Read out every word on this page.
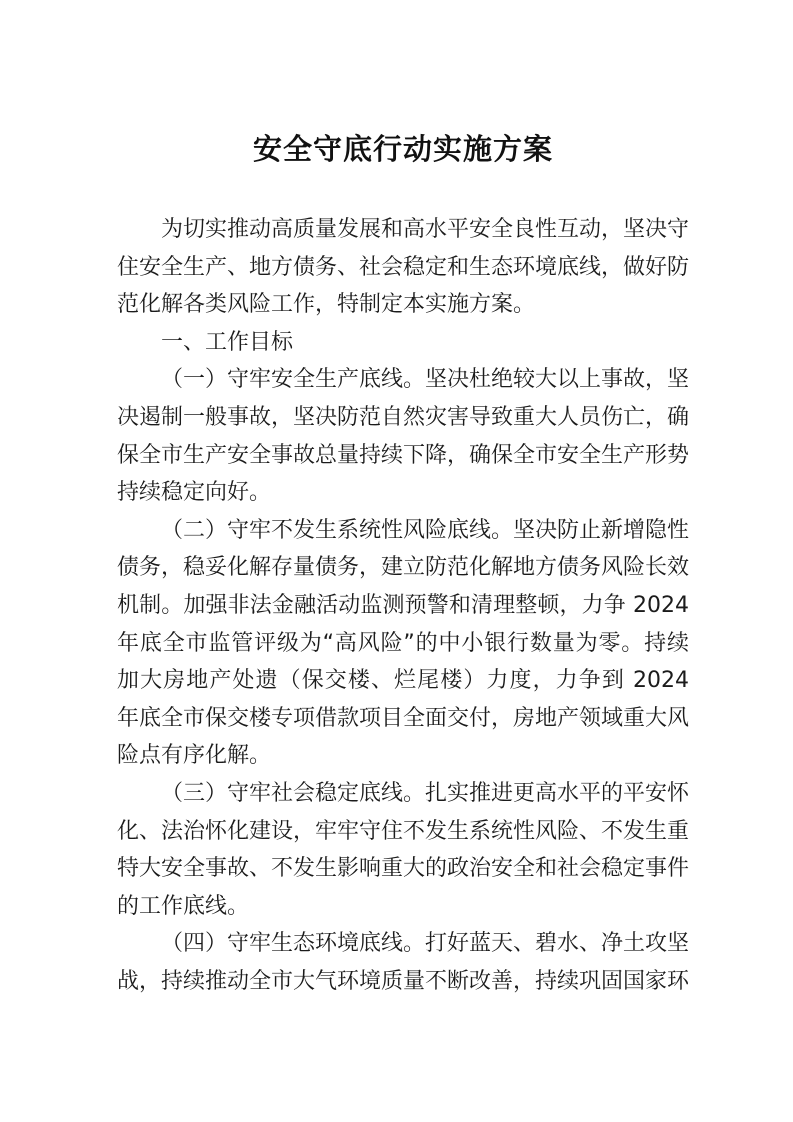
安全守底行动实施方案

为切实推动高质量发展和高水平安全良性互动，坚决守住安全生产、地方债务、社会稳定和生态环境底线，做好防范化解各类风险工作，特制定本实施方案。

一、工作目标

（一）守牢安全生产底线。坚决杜绝较大以上事故，坚决遏制一般事故，坚决防范自然灾害导致重大人员伤亡，确保全市生产安全事故总量持续下降，确保全市安全生产形势持续稳定向好。

（二）守牢不发生系统性风险底线。坚决防止新增隐性债务，稳妥化解存量债务，建立防范化解地方债务风险长效机制。加强非法金融活动监测预警和清理整顿，力争 2024 年底全市监管评级为“高风险”的中小银行数量为零。持续加大房地产处遗（保交楼、烂尾楼）力度，力争到 2024 年底全市保交楼专项借款项目全面交付，房地产领域重大风险点有序化解。

（三）守牢社会稳定底线。扎实推进更高水平的平安怀化、法治怀化建设，牢牢守住不发生系统性风险、不发生重特大安全事故、不发生影响重大的政治安全和社会稳定事件的工作底线。

（四）守牢生态环境底线。打好蓝天、碧水、净土攻坚战，持续推动全市大气环境质量不断改善，持续巩固国家环
